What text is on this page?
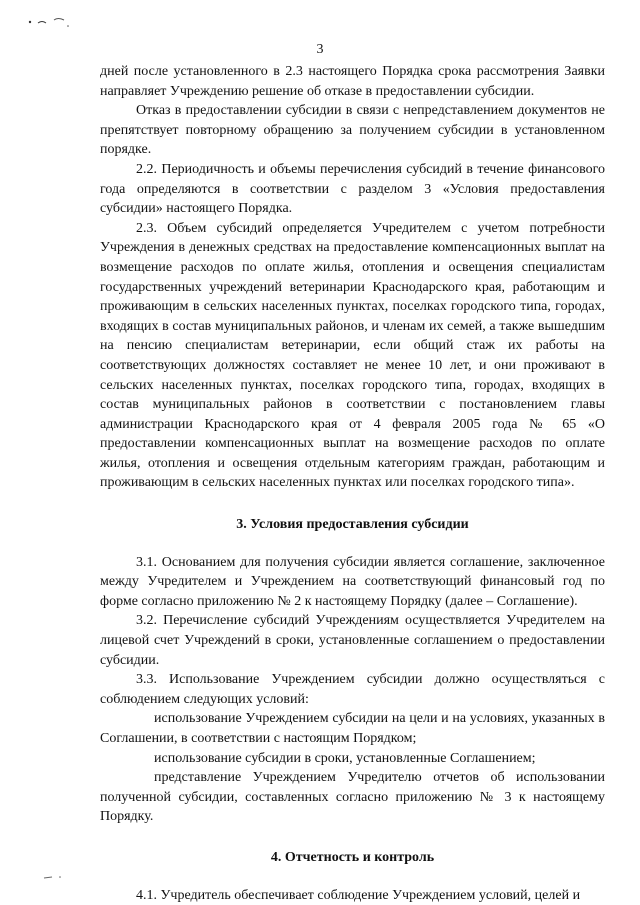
3

дней после установленного в 2.3 настоящего Порядка срока рассмотрения Заявки направляет Учреждению решение об отказе в предоставлении субсидии.

Отказ в предоставлении субсидии в связи с непредставлением документов не препятствует повторному обращению за получением субсидии в установленном порядке.

2.2. Периодичность и объемы перечисления субсидий в течение финансового года определяются в соответствии с разделом 3 «Условия предоставления субсидии» настоящего Порядка.

2.3. Объем субсидий определяется Учредителем с учетом потребности Учреждения в денежных средствах на предоставление компенсационных выплат на возмещение расходов по оплате жилья, отопления и освещения специалистам государственных учреждений ветеринарии Краснодарского края, работающим и проживающим в сельских населенных пунктах, поселках городского типа, городах, входящих в состав муниципальных районов, и членам их семей, а также вышедшим на пенсию специалистам ветеринарии, если общий стаж их работы на соответствующих должностях составляет не менее 10 лет, и они проживают в сельских населенных пунктах, поселках городского типа, городах, входящих в состав муниципальных районов в соответствии с постановлением главы администрации Краснодарского края от 4 февраля 2005 года № 65 «О предоставлении компенсационных выплат на возмещение расходов по оплате жилья, отопления и освещения отдельным категориям граждан, работающим и проживающим в сельских населенных пунктах или поселках городского типа».

3. Условия предоставления субсидии

3.1. Основанием для получения субсидии является соглашение, заключенное между Учредителем и Учреждением на соответствующий финансовый год по форме согласно приложению № 2 к настоящему Порядку (далее – Соглашение).

3.2. Перечисление субсидий Учреждениям осуществляется Учредителем на лицевой счет Учреждений в сроки, установленные соглашением о предоставлении субсидии.

3.3. Использование Учреждением субсидии должно осуществляться с соблюдением следующих условий:

использование Учреждением субсидии на цели и на условиях, указанных в Соглашении, в соответствии с настоящим Порядком;

использование субсидии в сроки, установленные Соглашением;

представление Учреждением Учредителю отчетов об использовании полученной субсидии, составленных согласно приложению № 3 к настоящему Порядку.

4. Отчетность и контроль

4.1. Учредитель обеспечивает соблюдение Учреждением условий, целей и
